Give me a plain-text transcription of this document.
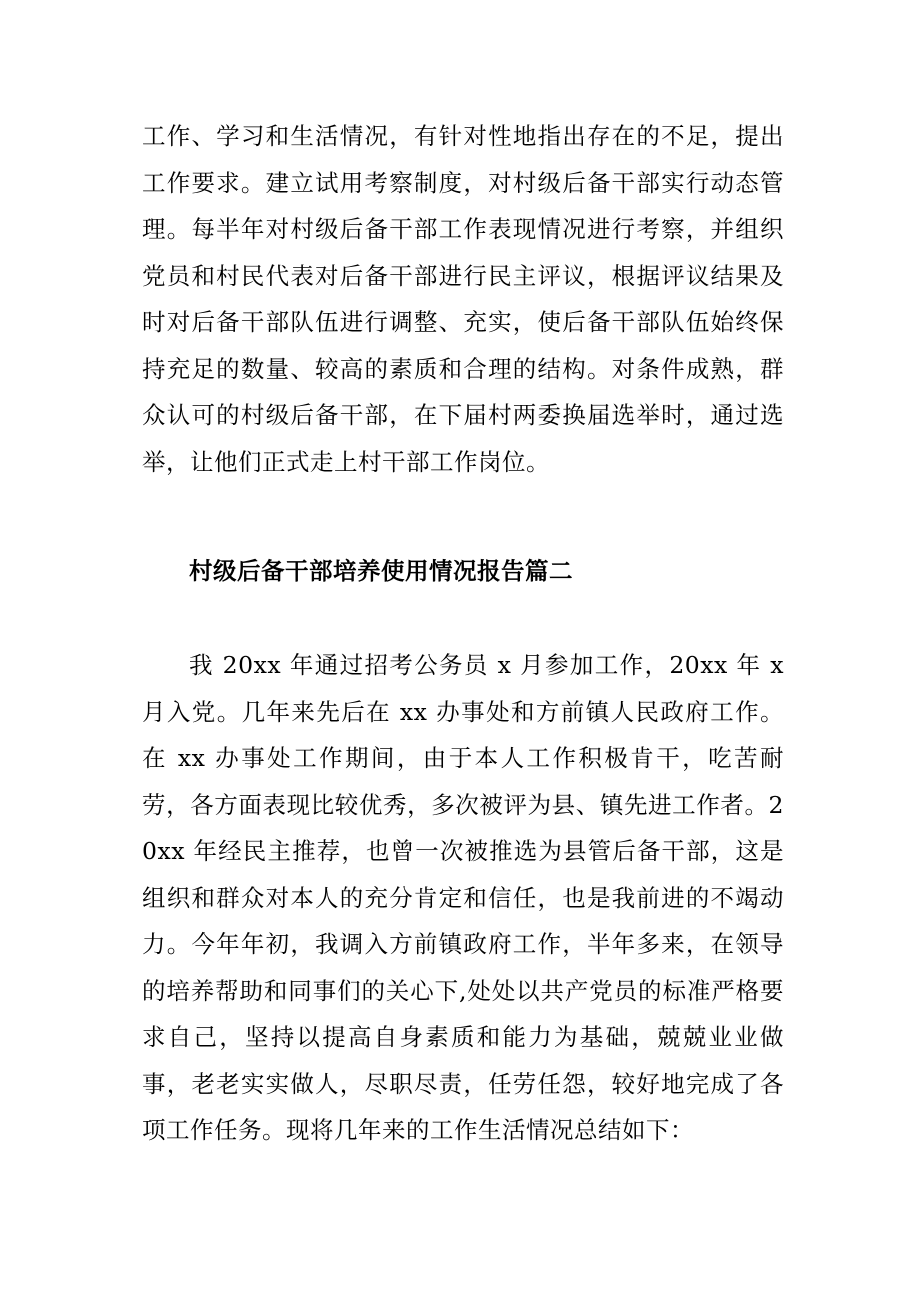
工作、学习和生活情况，有针对性地指出存在的不足，提出工作要求。建立试用考察制度，对村级后备干部实行动态管理。每半年对村级后备干部工作表现情况进行考察，并组织党员和村民代表对后备干部进行民主评议，根据评议结果及时对后备干部队伍进行调整、充实，使后备干部队伍始终保持充足的数量、较高的素质和合理的结构。对条件成熟，群众认可的村级后备干部，在下届村两委换届选举时，通过选举，让他们正式走上村干部工作岗位。

村级后备干部培养使用情况报告篇二

我 20xx 年通过招考公务员 x 月参加工作，20xx 年 x 月入党。几年来先后在 xx 办事处和方前镇人民政府工作。在 xx 办事处工作期间，由于本人工作积极肯干，吃苦耐劳，各方面表现比较优秀，多次被评为县、镇先进工作者。20xx 年经民主推荐，也曾一次被推选为县管后备干部，这是组织和群众对本人的充分肯定和信任，也是我前进的不竭动力。今年年初，我调入方前镇政府工作，半年多来，在领导的培养帮助和同事们的关心下,处处以共产党员的标准严格要求自己，坚持以提高自身素质和能力为基础，兢兢业业做事，老老实实做人，尽职尽责，任劳任怨，较好地完成了各项工作任务。现将几年来的工作生活情况总结如下：
